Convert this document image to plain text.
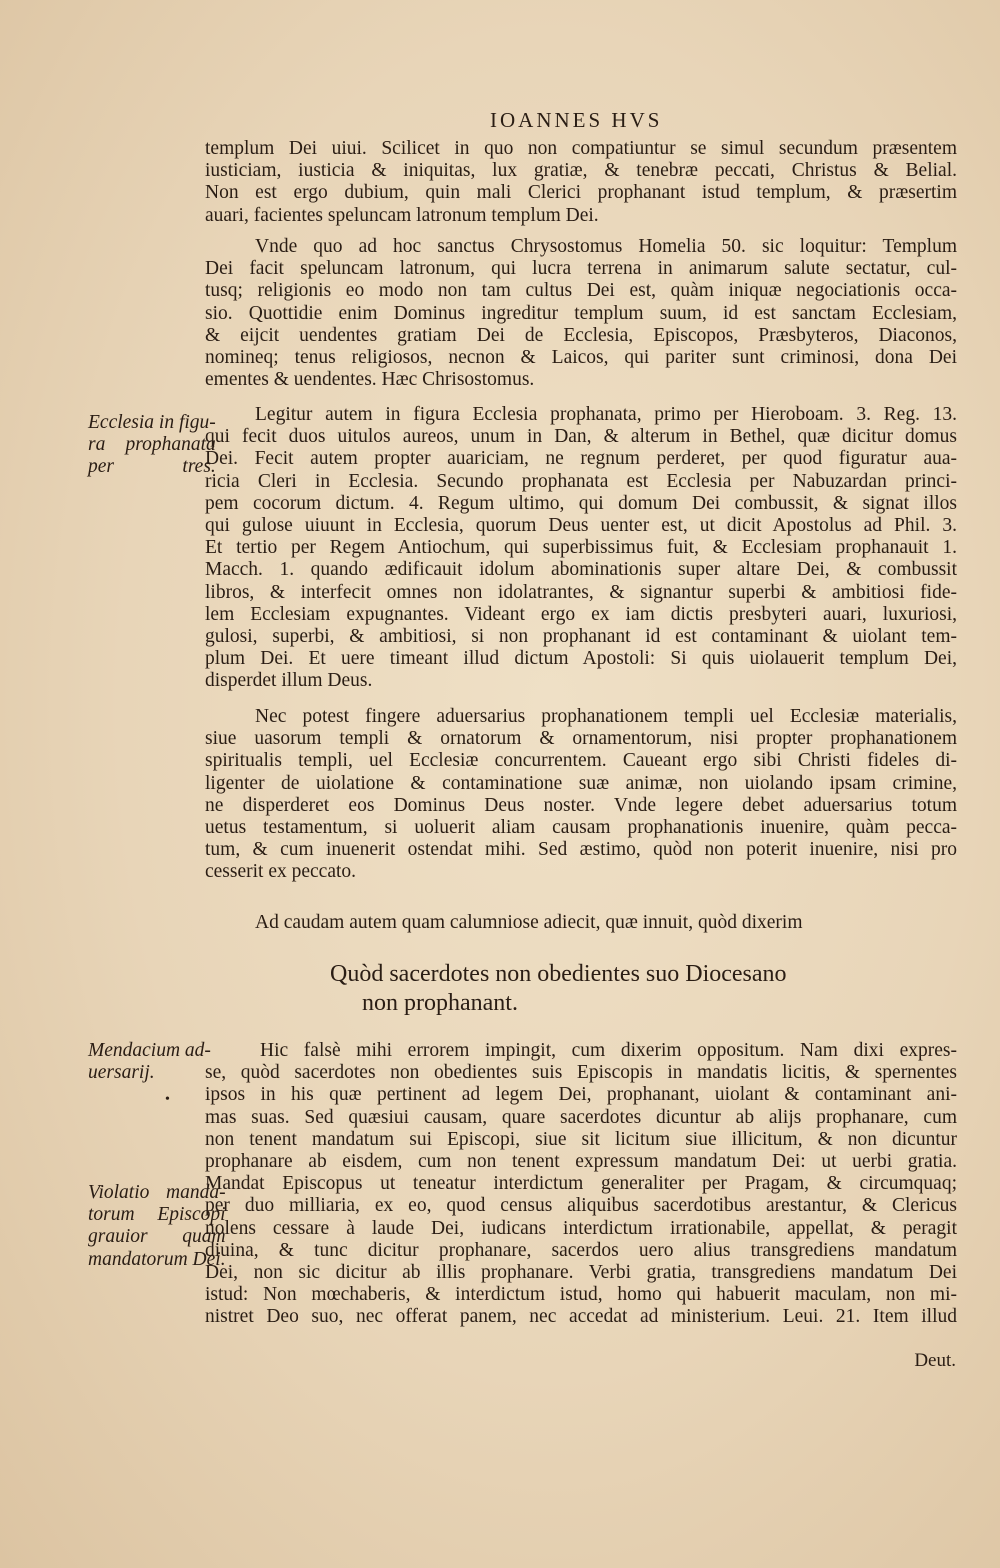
IOANNES HVS
Ecclesia in figu-
ra prophanata
per tres.
Mendacium ad-
uersarij.
Violatio manda-
torum Episcopi
grauior quam
mandatorum Dei.
templum Dei uiui. Scilicet in quo non compatiuntur se simul secundum præsentem
iusticiam, iusticia & iniquitas, lux gratiæ, & tenebræ peccati, Christus & Belial.
Non est ergo dubium, quin mali Clerici prophanant istud templum, & præsertim
auari, facientes speluncam latronum templum Dei.
Vnde quo ad hoc sanctus Chrysostomus Homelia 50. sic loquitur: Templum
Dei facit speluncam latronum, qui lucra terrena in animarum salute sectatur, cul-
tusq; religionis eo modo non tam cultus Dei est, quàm iniquæ negociationis occa-
sio. Quottidie enim Dominus ingreditur templum suum, id est sanctam Ecclesiam,
& eijcit uendentes gratiam Dei de Ecclesia, Episcopos, Præsbyteros, Diaconos,
nomineq; tenus religiosos, necnon & Laicos, qui pariter sunt criminosi, dona Dei
ementes & uendentes. Hæc Chrisostomus.
Legitur autem in figura Ecclesia prophanata, primo per Hieroboam. 3. Reg. 13.
qui fecit duos uitulos aureos, unum in Dan, & alterum in Bethel, quæ dicitur domus
Dei. Fecit autem propter auariciam, ne regnum perderet, per quod figuratur aua-
ricia Cleri in Ecclesia. Secundo prophanata est Ecclesia per Nabuzardan princi-
pem cocorum dictum. 4. Regum ultimo, qui domum Dei combussit, & signat illos
qui gulose uiuunt in Ecclesia, quorum Deus uenter est, ut dicit Apostolus ad Phil. 3.
Et tertio per Regem Antiochum, qui superbissimus fuit, & Ecclesiam prophanauit 1.
Macch. 1. quando ædificauit idolum abominationis super altare Dei, & combussit
libros, & interfecit omnes non idolatrantes, & signantur superbi & ambitiosi fide-
lem Ecclesiam expugnantes. Videant ergo ex iam dictis presbyteri auari, luxuriosi,
gulosi, superbi, & ambitiosi, si non prophanant id est contaminant & uiolant tem-
plum Dei. Et uere timeant illud dictum Apostoli: Si quis uiolauerit templum Dei,
disperdet illum Deus.
Nec potest fingere aduersarius prophanationem templi uel Ecclesiæ materialis,
siue uasorum templi & ornatorum & ornamentorum, nisi propter prophanationem
spiritualis templi, uel Ecclesiæ concurrentem. Caueant ergo sibi Christi fideles di-
ligenter de uiolatione & contaminatione suæ animæ, non uiolando ipsam crimine,
ne disperderet eos Dominus Deus noster. Vnde legere debet aduersarius totum
uetus testamentum, si uoluerit aliam causam prophanationis inuenire, quàm pecca-
tum, & cum inuenerit ostendat mihi. Sed æstimo, quòd non poterit inuenire, nisi pro
cesserit ex peccato.
Ad caudam autem quam calumniose adiecit, quæ innuit, quòd dixerim
Quòd sacerdotes non obedientes suo Diocesano
non prophanant.
•
Hic falsè mihi errorem impingit, cum dixerim oppositum. Nam dixi expres-
se, quòd sacerdotes non obedientes suis Episcopis in mandatis licitis, & spernentes
ipsos in his quæ pertinent ad legem Dei, prophanant, uiolant & contaminant ani-
mas suas. Sed quæsiui causam, quare sacerdotes dicuntur ab alijs prophanare, cum
non tenent mandatum sui Episcopi, siue sit licitum siue illicitum, & non dicuntur
prophanare ab eisdem, cum non tenent expressum mandatum Dei: ut uerbi gratia.
Mandat Episcopus ut teneatur interdictum generaliter per Pragam, & circumquaq;
per duo milliaria, ex eo, quod census aliquibus sacerdotibus arestantur, & Clericus
nolens cessare à laude Dei, iudicans interdictum irrationabile, appellat, & peragit
diuina, & tunc dicitur prophanare, sacerdos uero alius transgrediens mandatum
Dei, non sic dicitur ab illis prophanare. Verbi gratia, transgrediens mandatum Dei
istud: Non mœchaberis, & interdictum istud, homo qui habuerit maculam, non mi-
nistret Deo suo, nec offerat panem, nec accedat ad ministerium. Leui. 21. Item illud
Deut.
